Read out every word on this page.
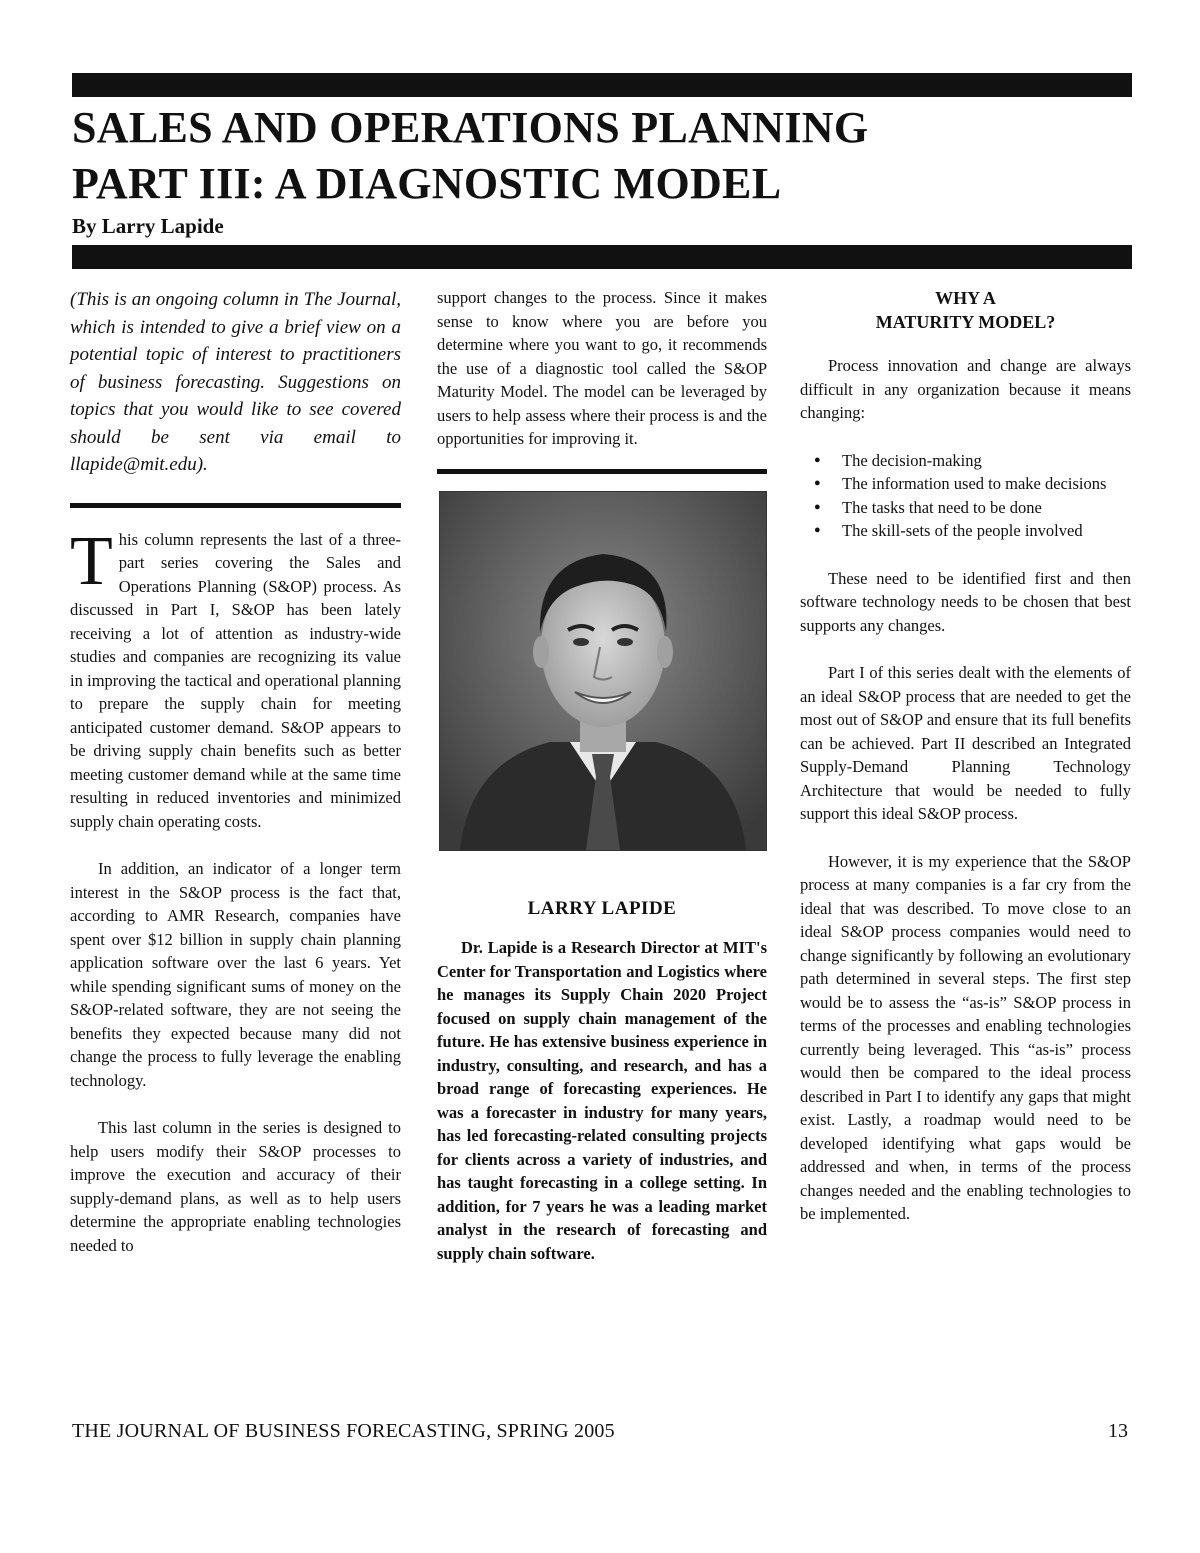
SALES AND OPERATIONS PLANNING
PART III: A DIAGNOSTIC MODEL
By Larry Lapide

(This is an ongoing column in The Journal, which is intended to give a brief view on a potential topic of interest to practitioners of business forecasting. Suggestions on topics that you would like to see covered should be sent via email to llapide@mit.edu).

This column represents the last of a three-part series covering the Sales and Operations Planning (S&OP) process. As discussed in Part I, S&OP has been lately receiving a lot of attention as industry-wide studies and companies are recognizing its value in improving the tactical and operational planning to prepare the supply chain for meeting anticipated customer demand. S&OP appears to be driving supply chain benefits such as better meeting customer demand while at the same time resulting in reduced inventories and minimized supply chain operating costs.

In addition, an indicator of a longer term interest in the S&OP process is the fact that, according to AMR Research, companies have spent over $12 billion in supply chain planning application software over the last 6 years. Yet while spending significant sums of money on the S&OP-related software, they are not seeing the benefits they expected because many did not change the process to fully leverage the enabling technology.

This last column in the series is designed to help users modify their S&OP processes to improve the execution and accuracy of their supply-demand plans, as well as to help users determine the appropriate enabling technologies needed to

support changes to the process. Since it makes sense to know where you are before you determine where you want to go, it recommends the use of a diagnostic tool called the S&OP Maturity Model. The model can be leveraged by users to help assess where their process is and the opportunities for improving it.

LARRY LAPIDE

Dr. Lapide is a Research Director at MIT's Center for Transportation and Logistics where he manages its Supply Chain 2020 Project focused on supply chain management of the future. He has extensive business experience in industry, consulting, and research, and has a broad range of forecasting experiences. He was a forecaster in industry for many years, has led forecasting-related consulting projects for clients across a variety of industries, and has taught forecasting in a college setting. In addition, for 7 years he was a leading market analyst in the research of forecasting and supply chain software.

WHY A
MATURITY MODEL?

Process innovation and change are always difficult in any organization because it means changing:

● The decision-making
● The information used to make decisions
● The tasks that need to be done
● The skill-sets of the people involved

These need to be identified first and then software technology needs to be chosen that best supports any changes.

Part I of this series dealt with the elements of an ideal S&OP process that are needed to get the most out of S&OP and ensure that its full benefits can be achieved. Part II described an Integrated Supply-Demand Planning Technology Architecture that would be needed to fully support this ideal S&OP process.

However, it is my experience that the S&OP process at many companies is a far cry from the ideal that was described. To move close to an ideal S&OP process companies would need to change significantly by following an evolutionary path determined in several steps. The first step would be to assess the “as-is” S&OP process in terms of the processes and enabling technologies currently being leveraged. This “as-is” process would then be compared to the ideal process described in Part I to identify any gaps that might exist. Lastly, a roadmap would need to be developed identifying what gaps would be addressed and when, in terms of the process changes needed and the enabling technologies to be implemented.

THE JOURNAL OF BUSINESS FORECASTING, SPRING 2005	13
